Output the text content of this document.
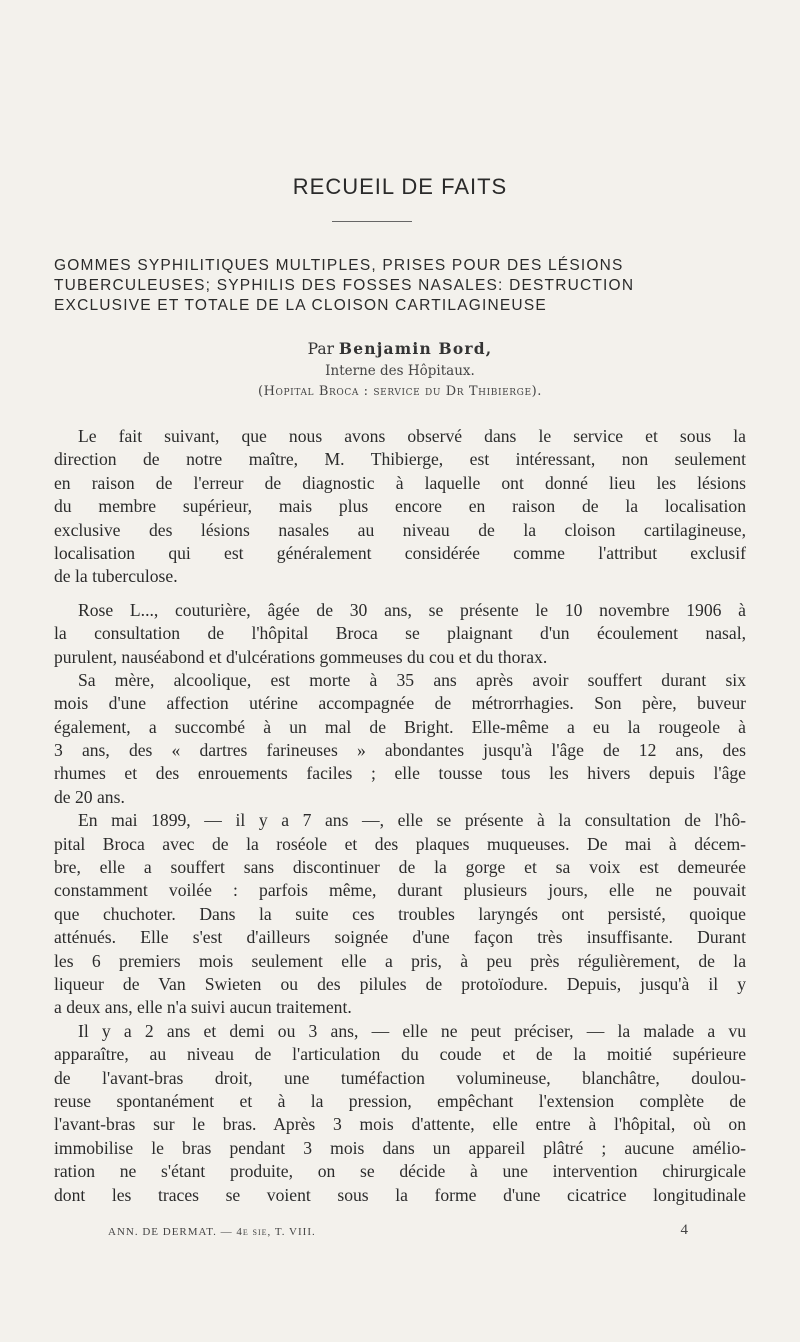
RECUEIL DE FAITS
GOMMES SYPHILITIQUES MULTIPLES, PRISES POUR DES LÉSIONS
TUBERCULEUSES; SYPHILIS DES FOSSES NASALES: DESTRUCTION
EXCLUSIVE ET TOTALE DE LA CLOISON CARTILAGINEUSE
Par Benjamin Bord,
Interne des Hôpitaux.
(Hopital Broca : service du Dr Thibierge).
Le fait suivant, que nous avons observé dans le service et sous la
direction de notre maître, M. Thibierge, est intéressant, non seulement
en raison de l'erreur de diagnostic à laquelle ont donné lieu les lésions
du membre supérieur, mais plus encore en raison de la localisation
exclusive des lésions nasales au niveau de la cloison cartilagineuse,
localisation qui est généralement considérée comme l'attribut exclusif
de la tuberculose.
Rose L..., couturière, âgée de 30 ans, se présente le 10 novembre 1906 à
la consultation de l'hôpital Broca se plaignant d'un écoulement nasal,
purulent, nauséabond et d'ulcérations gommeuses du cou et du thorax.
Sa mère, alcoolique, est morte à 35 ans après avoir souffert durant six
mois d'une affection utérine accompagnée de métrorrhagies. Son père, buveur
également, a succombé à un mal de Bright. Elle-même a eu la rougeole à
3 ans, des « dartres farineuses » abondantes jusqu'à l'âge de 12 ans, des
rhumes et des enrouements faciles ; elle tousse tous les hivers depuis l'âge
de 20 ans.
En mai 1899, — il y a 7 ans —, elle se présente à la consultation de l'hô-
pital Broca avec de la roséole et des plaques muqueuses. De mai à décem-
bre, elle a souffert sans discontinuer de la gorge et sa voix est demeurée
constamment voilée : parfois même, durant plusieurs jours, elle ne pouvait
que chuchoter. Dans la suite ces troubles laryngés ont persisté, quoique
atténués. Elle s'est d'ailleurs soignée d'une façon très insuffisante. Durant
les 6 premiers mois seulement elle a pris, à peu près régulièrement, de la
liqueur de Van Swieten ou des pilules de protoïodure. Depuis, jusqu'à il y
a deux ans, elle n'a suivi aucun traitement.
Il y a 2 ans et demi ou 3 ans, — elle ne peut préciser, — la malade a vu
apparaître, au niveau de l'articulation du coude et de la moitié supérieure
de l'avant-bras droit, une tuméfaction volumineuse, blanchâtre, doulou-
reuse spontanément et à la pression, empêchant l'extension complète de
l'avant-bras sur le bras. Après 3 mois d'attente, elle entre à l'hôpital, où on
immobilise le bras pendant 3 mois dans un appareil plâtré ; aucune amélio-
ration ne s'étant produite, on se décide à une intervention chirurgicale
dont les traces se voient sous la forme d'une cicatrice longitudinale
ANN. DE DERMAT. — 4e sie, T. VIII.	4
